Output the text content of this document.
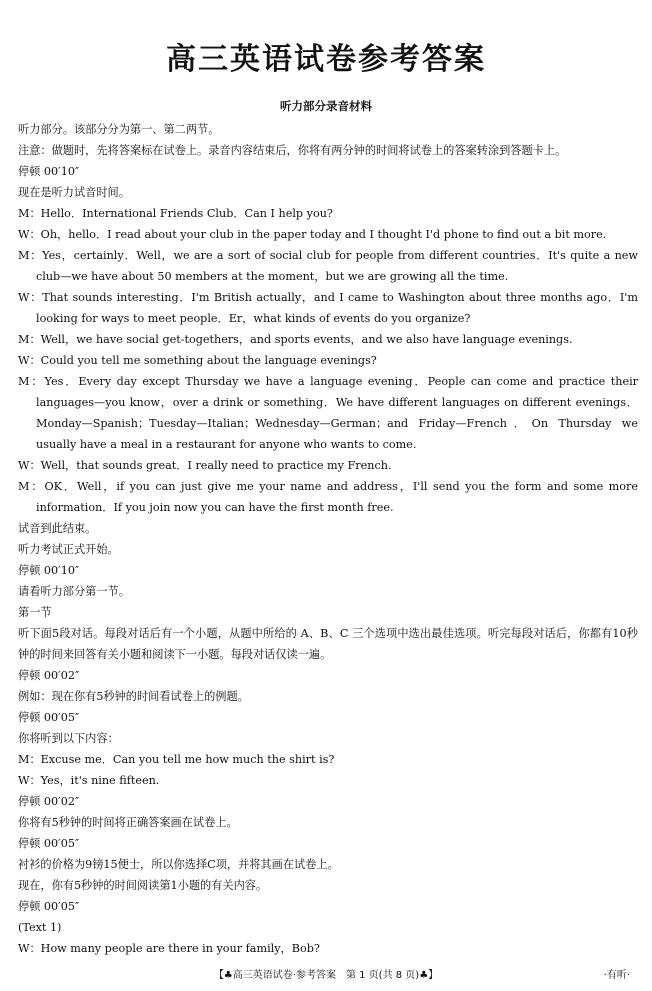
高三英语试卷参考答案
听力部分录音材料
听力部分。该部分分为第一、第二两节。
注意：做题时，先将答案标在试卷上。录音内容结束后，你将有两分钟的时间将试卷上的答案转涂到答题卡上。
停顿 00′10″
现在是听力试音时间。
M：Hello．International Friends Club．Can I help you?
W：Oh，hello．I read about your club in the paper today and I thought I'd phone to find out a bit more.
M：Yes，certainly．Well，we are a sort of social club for people from different countries．It's quite a new club—we have about 50 members at the moment，but we are growing all the time.
W：That sounds interesting．I'm British actually，and I came to Washington about three months ago．I'm looking for ways to meet people．Er，what kinds of events do you organize?
M：Well，we have social get-togethers，and sports events，and we also have language evenings.
W：Could you tell me something about the language evenings?
M：Yes．Every day except Thursday we have a language evening．People can come and practice their languages—you know，over a drink or something．We have different languages on different evenings．Monday—Spanish；Tuesday—Italian；Wednesday—German；and Friday—French．On Thursday we usually have a meal in a restaurant for anyone who wants to come.
W：Well，that sounds great．I really need to practice my French.
M：OK．Well，if you can just give me your name and address，I'll send you the form and some more information．If you join now you can have the first month free.
试音到此结束。
听力考试正式开始。
停顿 00′10″
请看听力部分第一节。
第一节
听下面5段对话。每段对话后有一个小题，从题中所给的 A、B、C 三个选项中选出最佳选项。听完每段对话后，你都有10秒钟的时间来回答有关小题和阅读下一小题。每段对话仅读一遍。
停顿 00′02″
例如：现在你有5秒钟的时间看试卷上的例题。
停顿 00′05″
你将听到以下内容：
M：Excuse me．Can you tell me how much the shirt is?
W：Yes，it's nine fifteen.
停顿 00′02″
你将有5秒钟的时间将正确答案画在试卷上。
停顿 00′05″
衬衫的价格为9镑15便士，所以你选择C项，并将其画在试卷上。
现在，你有5秒钟的时间阅读第1小题的有关内容。
停顿 00′05″
(Text 1)
W：How many people are there in your family，Bob?
【♣高三英语试卷·参考答案　第 1 页(共 8 页)♣】	·有听·
